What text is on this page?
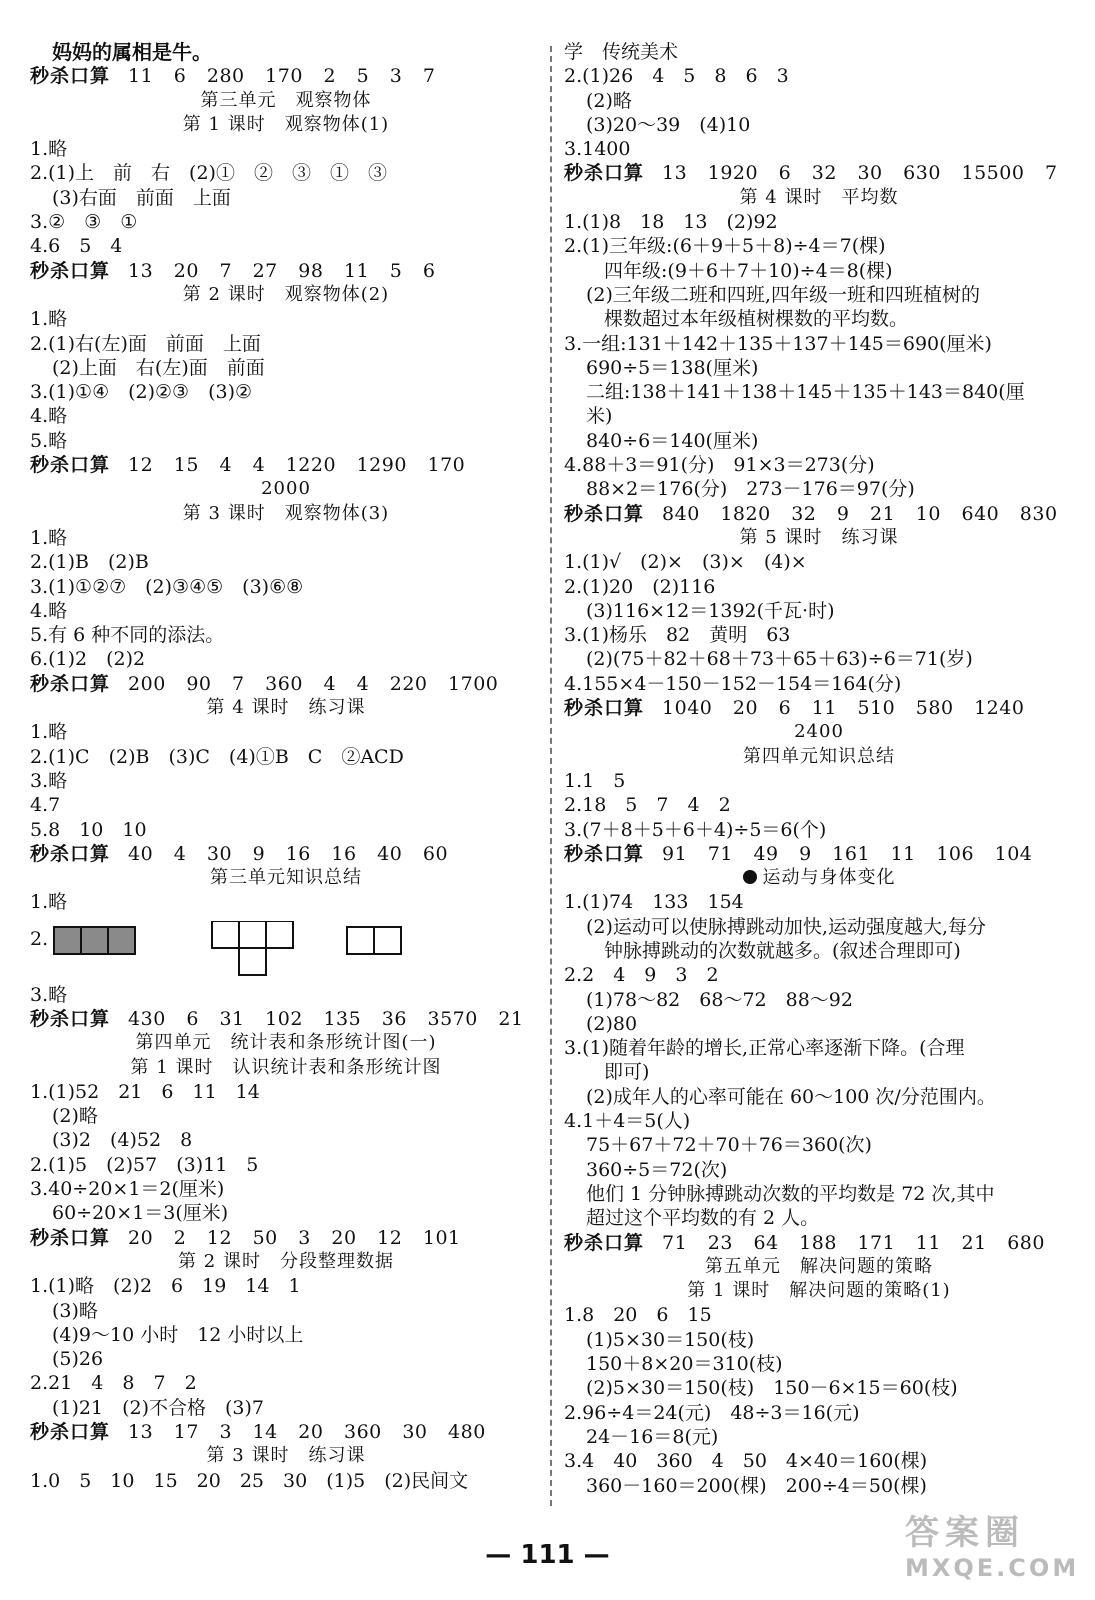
妈妈的属相是牛。
秒杀口算 11 6 280 170 2 5 3 7
第三单元　观察物体
第 1 课时　观察物体(1)
1.略
2.(1)上　前　右　(2)①　②　③　①　③
(3)右面　前面　上面
3.②　③　①
4.6　5　4
秒杀口算 13 20 7 27 98 11 5 6
第 2 课时　观察物体(2)
1.略
2.(1)右(左)面　前面　上面
(2)上面　右(左)面　前面
3.(1)①④　(2)②③　(3)②
4.略
5.略
秒杀口算 12 15 4 4 1220 1290 170
2000
第 3 课时　观察物体(3)
1.略
2.(1)B　(2)B
3.(1)①②⑦　(2)③④⑤　(3)⑥⑧
4.略
5.有 6 种不同的添法。
6.(1)2　(2)2
秒杀口算 200 90 7 360 4 4 220 1700
第 4 课时　练习课
1.略
2.(1)C　(2)B　(3)C　(4)①B　C　②ACD
3.略
4.7
5.8　10　10
秒杀口算 40 4 30 9 16 16 40 60
第三单元知识总结
1.略
2.
3.略
秒杀口算 430 6 31 102 135 36 3570 21
第四单元　统计表和条形统计图(一)
第 1 课时　认识统计表和条形统计图
1.(1)52　21　6　11　14
(2)略
(3)2　(4)52　8
2.(1)5　(2)57　(3)11　5
3.40÷20×1＝2(厘米)
60÷20×1＝3(厘米)
秒杀口算 20 2 12 50 3 20 12 101
第 2 课时　分段整理数据
1.(1)略　(2)2　6　19　14　1
(3)略
(4)9～10 小时　12 小时以上
(5)26
2.21　4　8　7　2
(1)21　(2)不合格　(3)7
秒杀口算 13 17 3 14 20 360 30 480
第 3 课时　练习课
1.0　5　10　15　20　25　30　(1)5　(2)民间文
学　传统美术
2.(1)26　4　5　8　6　3
(2)略
(3)20～39　(4)10
3.1400
秒杀口算 13 1920 6 32 30 630 15500 7
第 4 课时　平均数
1.(1)8　18　13　(2)92
2.(1)三年级:(6＋9＋5＋8)÷4＝7(棵)
四年级:(9＋6＋7＋10)÷4＝8(棵)
(2)三年级二班和四班,四年级一班和四班植树的
棵数超过本年级植树棵数的平均数。
3.一组:131＋142＋135＋137＋145＝690(厘米)
690÷5＝138(厘米)
二组:138＋141＋138＋145＋135＋143＝840(厘
米)
840÷6＝140(厘米)
4.88＋3＝91(分)　91×3＝273(分)
88×2＝176(分)　273－176＝97(分)
秒杀口算 840 1820 32 9 21 10 640 830
第 5 课时　练习课
1.(1)√　(2)×　(3)×　(4)×
2.(1)20　(2)116
(3)116×12＝1392(千瓦·时)
3.(1)杨乐　82　黄明　63
(2)(75＋82＋68＋73＋65＋63)÷6＝71(岁)
4.155×4－150－152－154＝164(分)
秒杀口算 1040 20 6 11 510 580 1240
2400
第四单元知识总结
1.1　5
2.18　5　7　4　2
3.(7＋8＋5＋6＋4)÷5＝6(个)
秒杀口算 91 71 49 9 161 11 106 104
运动与身体变化
1.(1)74　133　154
(2)运动可以使脉搏跳动加快,运动强度越大,每分
钟脉搏跳动的次数就越多。(叙述合理即可)
2.2　4　9　3　2
(1)78～82　68～72　88～92
(2)80
3.(1)随着年龄的增长,正常心率逐渐下降。(合理
即可)
(2)成年人的心率可能在 60～100 次/分范围内。
4.1＋4＝5(人)
75＋67＋72＋70＋76＝360(次)
360÷5＝72(次)
他们 1 分钟脉搏跳动次数的平均数是 72 次,其中
超过这个平均数的有 2 人。
秒杀口算 71 23 64 188 171 11 21 680
第五单元　解决问题的策略
第 1 课时　解决问题的策略(1)
1.8　20　6　15
(1)5×30＝150(枝)
150＋8×20＝310(枝)
(2)5×30＝150(枝)　150－6×15＝60(枝)
2.96÷4＝24(元)　48÷3＝16(元)
24－16＝8(元)
3.4　40　360　4　50　4×40＝160(棵)
360－160＝200(棵)　200÷4＝50(棵)
— 111 —
答案圈
MXQE.COM
